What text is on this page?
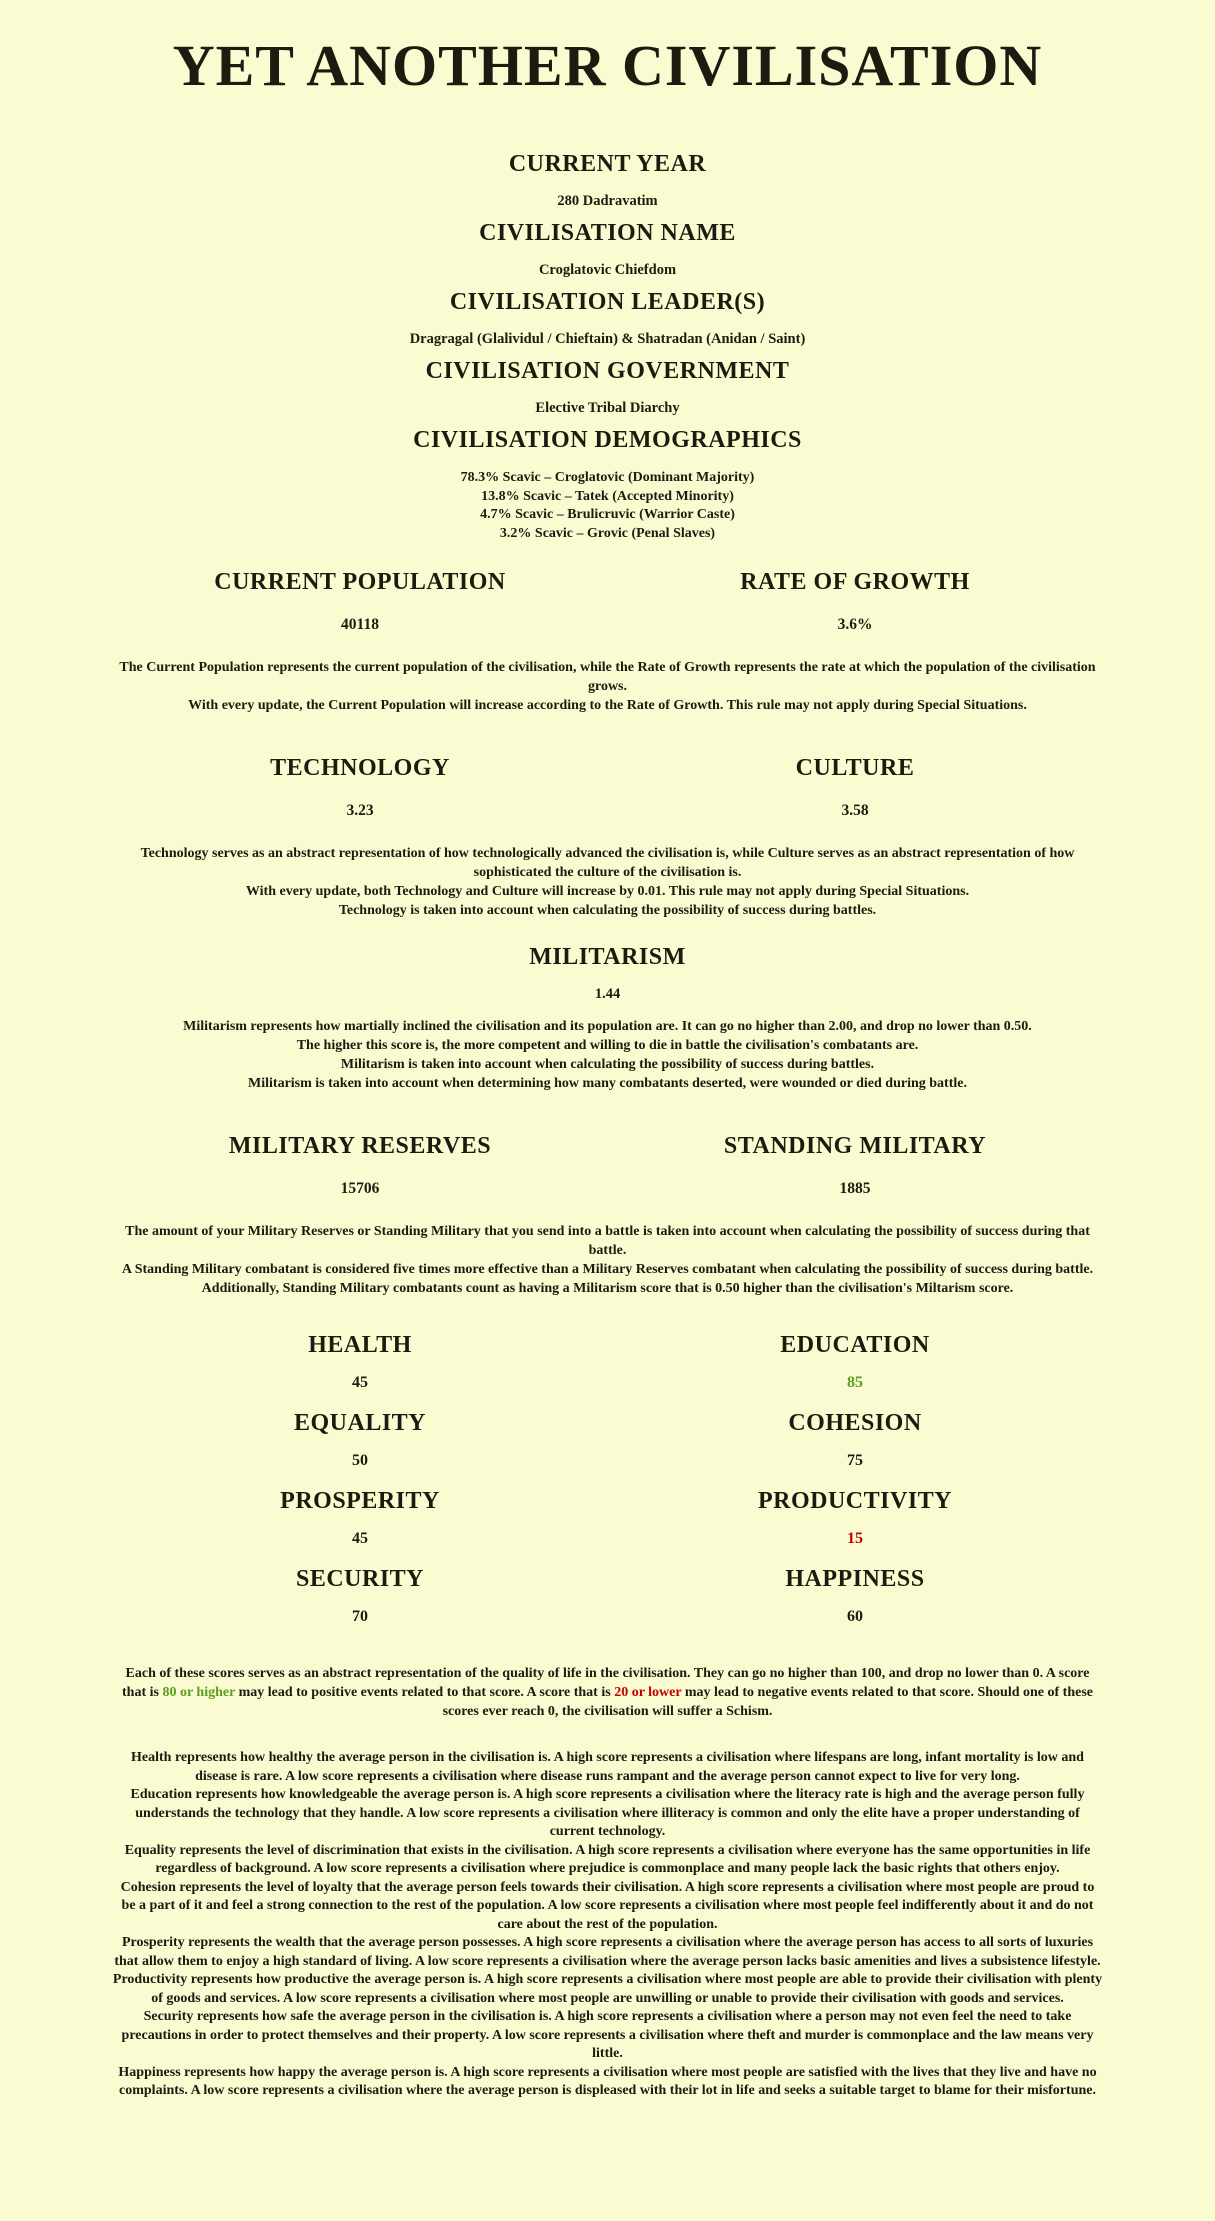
YET ANOTHER CIVILISATION
CURRENT YEAR

280 Dadravatim

CIVILISATION NAME

Croglatovic Chiefdom

CIVILISATION LEADER(S)

Dragragal (Glalividul / Chieftain) & Shatradan (Anidan / Saint)

CIVILISATION GOVERNMENT

Elective Tribal Diarchy

CIVILISATION DEMOGRAPHICS
78.3% Scavic – Croglatovic (Dominant Majority)
13.8% Scavic – Tatek (Accepted Minority)
4.7% Scavic – Brulicruvic (Warrior Caste)
3.2% Scavic – Grovic (Penal Slaves)
CURRENT POPULATION

40118

RATE OF GROWTH

3.6%

The Current Population represents the current population of the civilisation, while the Rate of Growth represents the rate at which the population of the civilisation grows.
With every update, the Current Population will increase according to the Rate of Growth. This rule may not apply during Special Situations.
TECHNOLOGY

3.23

CULTURE

3.58

Technology serves as an abstract representation of how technologically advanced the civilisation is, while Culture serves as an abstract representation of how sophisticated the culture of the civilisation is.
With every update, both Technology and Culture will increase by 0.01. This rule may not apply during Special Situations.
Technology is taken into account when calculating the possibility of success during battles.
MILITARISM

1.44

Militarism represents how martially inclined the civilisation and its population are. It can go no higher than 2.00, and drop no lower than 0.50.
The higher this score is, the more competent and willing to die in battle the civilisation's combatants are.
Militarism is taken into account when calculating the possibility of success during battles.
Militarism is taken into account when determining how many combatants deserted, were wounded or died during battle.
MILITARY RESERVES

15706

STANDING MILITARY

1885

The amount of your Military Reserves or Standing Military that you send into a battle is taken into account when calculating the possibility of success during that battle.
A Standing Military combatant is considered five times more effective than a Military Reserves combatant when calculating the possibility of success during battle.
Additionally, Standing Military combatants count as having a Militarism score that is 0.50 higher than the civilisation's Miltarism score.
HEALTH

45

EDUCATION

85

EQUALITY

50

COHESION

75

PROSPERITY

45

PRODUCTIVITY

15

SECURITY

70

HAPPINESS

60

Each of these scores serves as an abstract representation of the quality of life in the civilisation. They can go no higher than 100, and drop no lower than 0. A score that is 80 or higher may lead to positive events related to that score. A score that is 20 or lower may lead to negative events related to that score. Should one of these scores ever reach 0, the civilisation will suffer a Schism.
Health represents how healthy the average person in the civilisation is. A high score represents a civilisation where lifespans are long, infant mortality is low and disease is rare. A low score represents a civilisation where disease runs rampant and the average person cannot expect to live for very long.
Education represents how knowledgeable the average person is. A high score represents a civilisation where the literacy rate is high and the average person fully understands the technology that they handle. A low score represents a civilisation where illiteracy is common and only the elite have a proper understanding of current technology.
Equality represents the level of discrimination that exists in the civilisation. A high score represents a civilisation where everyone has the same opportunities in life regardless of background. A low score represents a civilisation where prejudice is commonplace and many people lack the basic rights that others enjoy.
Cohesion represents the level of loyalty that the average person feels towards their civilisation. A high score represents a civilisation where most people are proud to be a part of it and feel a strong connection to the rest of the population. A low score represents a civilisation where most people feel indifferently about it and do not care about the rest of the population.
Prosperity represents the wealth that the average person possesses. A high score represents a civilisation where the average person has access to all sorts of luxuries that allow them to enjoy a high standard of living. A low score represents a civilisation where the average person lacks basic amenities and lives a subsistence lifestyle.
Productivity represents how productive the average person is. A high score represents a civilisation where most people are able to provide their civilisation with plenty of goods and services. A low score represents a civilisation where most people are unwilling or unable to provide their civilisation with goods and services.
Security represents how safe the average person in the civilisation is. A high score represents a civilisation where a person may not even feel the need to take precautions in order to protect themselves and their property. A low score represents a civilisation where theft and murder is commonplace and the law means very little.
Happiness represents how happy the average person is. A high score represents a civilisation where most people are satisfied with the lives that they live and have no complaints. A low score represents a civilisation where the average person is displeased with their lot in life and seeks a suitable target to blame for their misfortune.
